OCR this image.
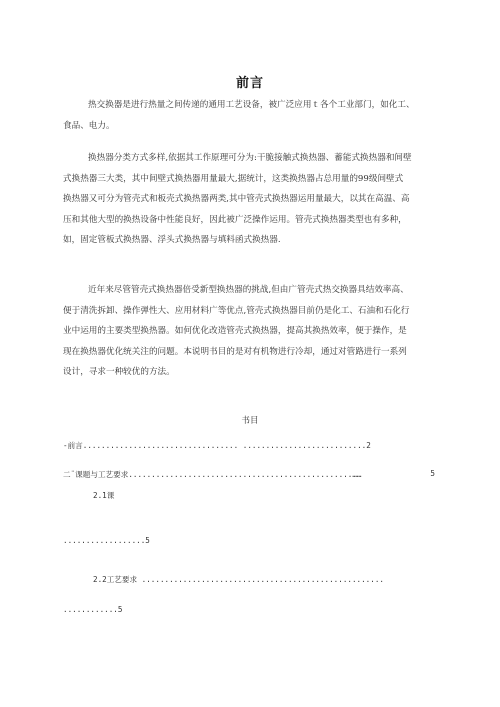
前言
热交换器是进行热量之间传递的通用工艺设备，被广泛应用ｔ各个工业部门，如化工、
食品、电力。
换热器分类方式多样,依据其工作原理可分为:干脆接触式换热器、蓄能式换热器和间壁
式换热器三大类，其中间壁式换热器用量最大,据统计，这类换热器占总用量的99级间壁式
换热器又可分为管壳式和板壳式换热器两类,其中管壳式换热器运用量最大，以其在高温、高
压和其他大型的换热设备中性能良好，因此被广泛操作运用。管壳式换热器类型也有多种，
如，固定管板式换热器、浮头式换热器与填料函式换热器.
近年来尽管管壳式换热器倍受新型换热器的挑战,但由广管壳式热交换器具结效率高、
便于清洗拆卸、操作弹性大、应用材料广等优点,管壳式换热器目前仍是化工、石油和石化行
业中运用的主要类型换热器。如何优化改造管壳式换热器，提高其换热效率，便于操作，是
现在换热器优化统关注的问题。本说明书目的是对有机物进行冷却，通过对管路进行一系列
设计，寻求一种较优的方法。
书目
-前言.................................. ...........................2
二¨课题与工艺要求.................................................……	5
2.1课
..................5
2.2工艺要求 .....................................................
............5
